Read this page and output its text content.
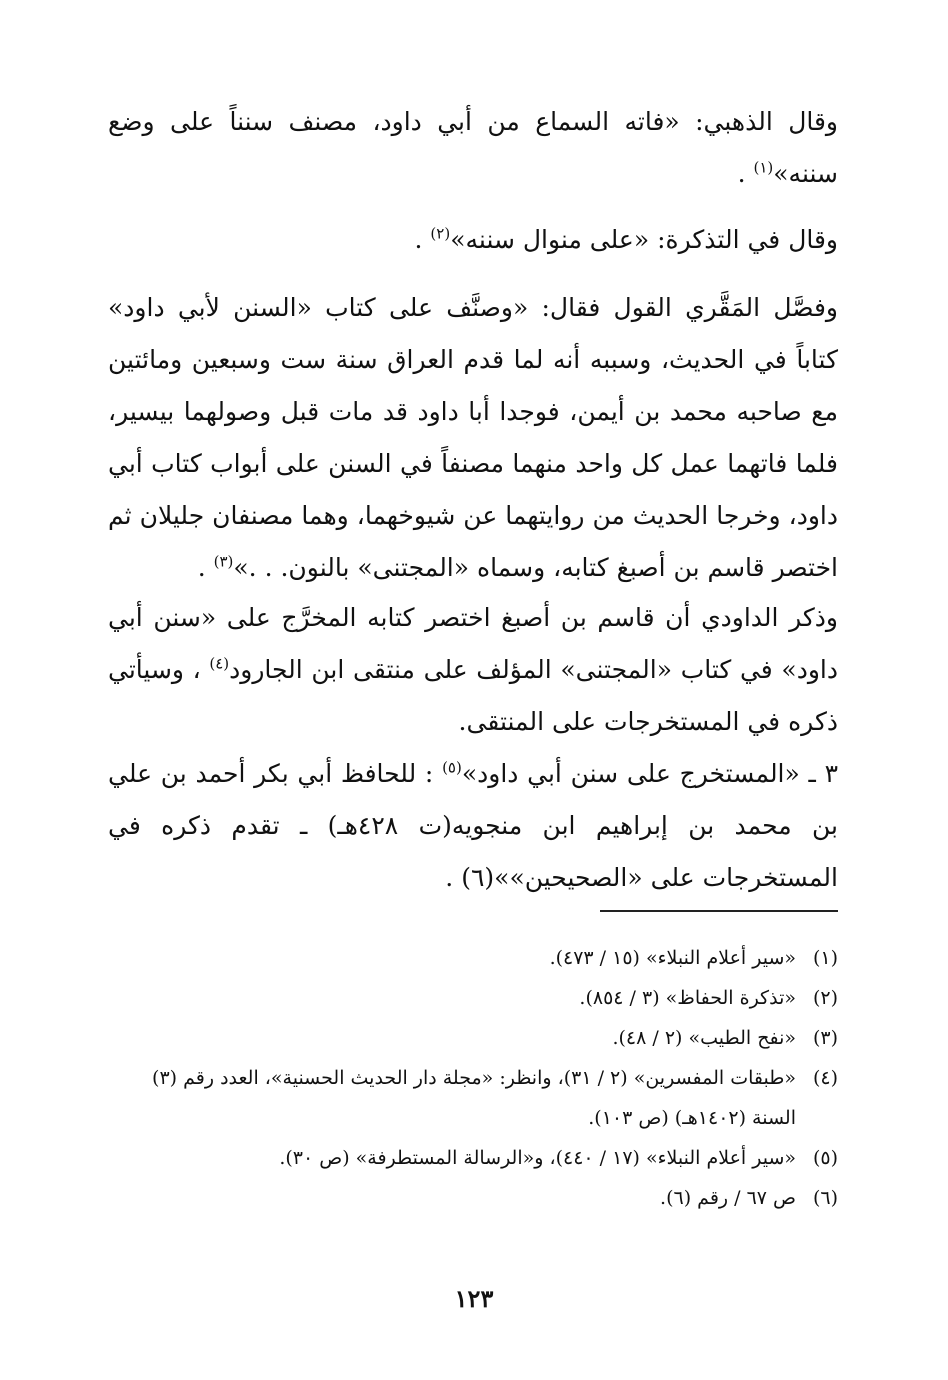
وقال الذهبي: «فاته السماع من أبي داود، مصنف سنناً على وضع سننه»$^{(١)}$ .

وقال في التذكرة: «على منوال سننه»$^{(٢)}$ .

وفصَّل المَقَّري القول فقال: «وصنَّف على كتاب «السنن لأبي داود» كتاباً في الحديث، وسببه أنه لما قدم العراق سنة ست وسبعين ومائتين مع صاحبه محمد بن أيمن، فوجدا أبا داود قد مات قبل وصولهما بيسير، فلما فاتهما عمل كل واحد منهما مصنفاً في السنن على أبواب كتاب أبي داود، وخرجا الحديث من روايتهما عن شيوخهما، وهما مصنفان جليلان ثم اختصر قاسم بن أصبغ كتابه، وسماه «المجتنى» بالنون. . .»$^{(٣)}$ .

وذكر الداودي أن قاسم بن أصبغ اختصر كتابه المخرَّج على «سنن أبي داود» في كتاب «المجتنى» المؤلف على منتقى ابن الجارود$^{(٤)}$ ، وسيأتي ذكره في المستخرجات على المنتقى.

٣ ـ «المستخرج على سنن أبي داود»$^{(٥)}$ : للحافظ أبي بكر أحمد بن علي بن محمد بن إبراهيم ابن منجويه(ت ٤٢٨هـ) ـ تقدم ذكره في المستخرجات على «الصحيحين»»(٦) .

(١)
«سير أعلام النبلاء» (١٥ / ٤٧٣).
(٢)
«تذكرة الحفاظ» (٣ / ٨٥٤).
(٣)
«نفح الطيب» (٢ / ٤٨).
(٤)
«طبقات المفسرين» (٢ / ٣١)، وانظر: «مجلة دار الحديث الحسنية»، العدد رقم (٣) السنة (١٤٠٢هـ) (ص ١٠٣).
(٥)
«سير أعلام النبلاء» (١٧ / ٤٤٠)، و«الرسالة المستطرفة» (ص ٣٠).
(٦)
ص ٦٧ / رقم (٦).
١٢٣
